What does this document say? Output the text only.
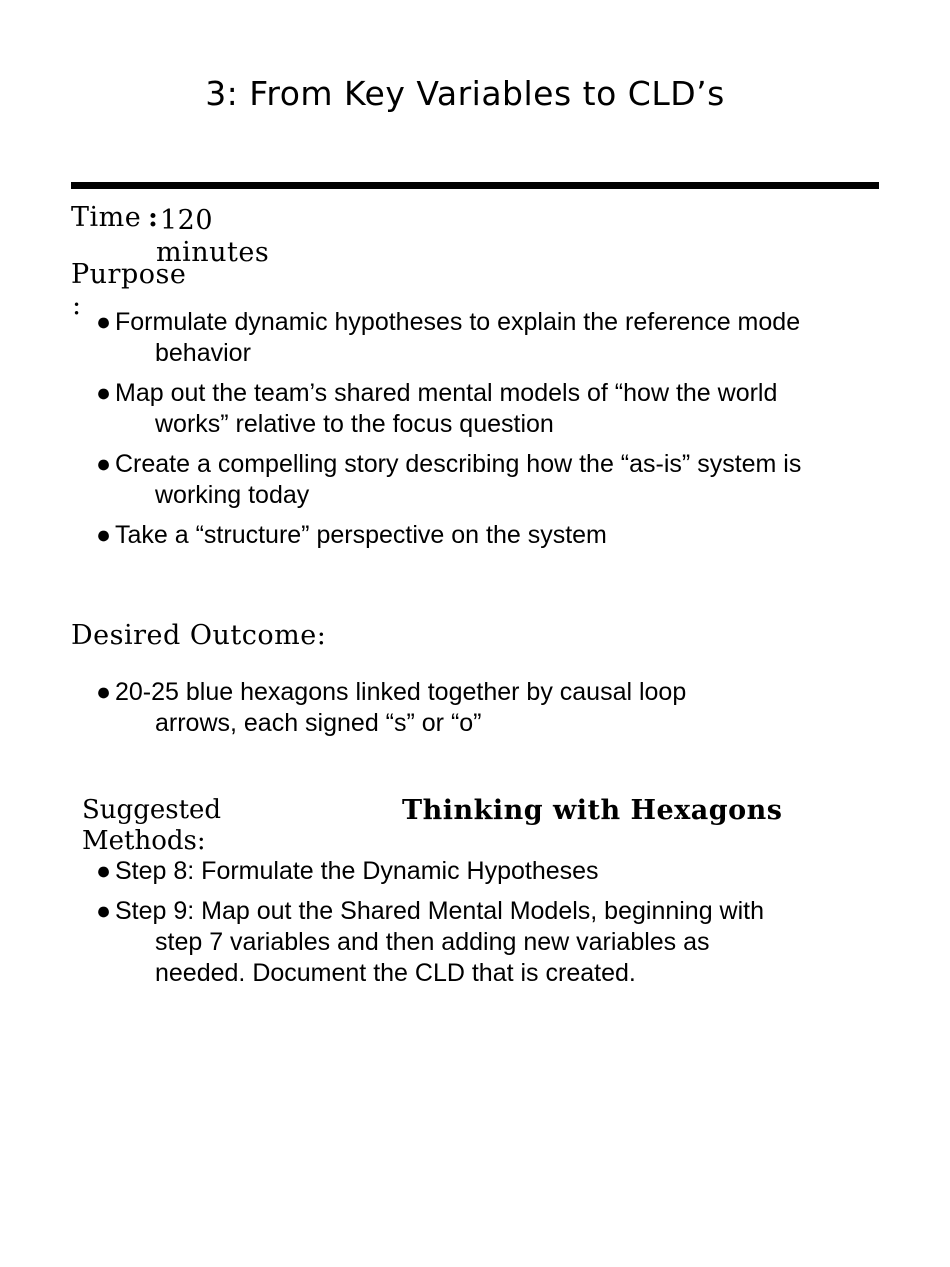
3: From Key Variables to CLD’s
Time : 120
minutes
Purpose
:
● Formulate dynamic hypotheses to explain the reference mode
behavior
● Map out the team’s shared mental models of “how the world
works” relative to the focus question
● Create a compelling story describing how the “as-is” system is
working today
● Take a “structure” perspective on the system
Desired Outcome:
● 20-25 blue hexagons linked together by causal loop
arrows, each signed “s” or “o”
Suggested
Methods:
Thinking with Hexagons
● Step 8: Formulate the Dynamic Hypotheses
● Step 9: Map out the Shared Mental Models, beginning with
step 7 variables and then adding new variables as
needed. Document the CLD that is created.
